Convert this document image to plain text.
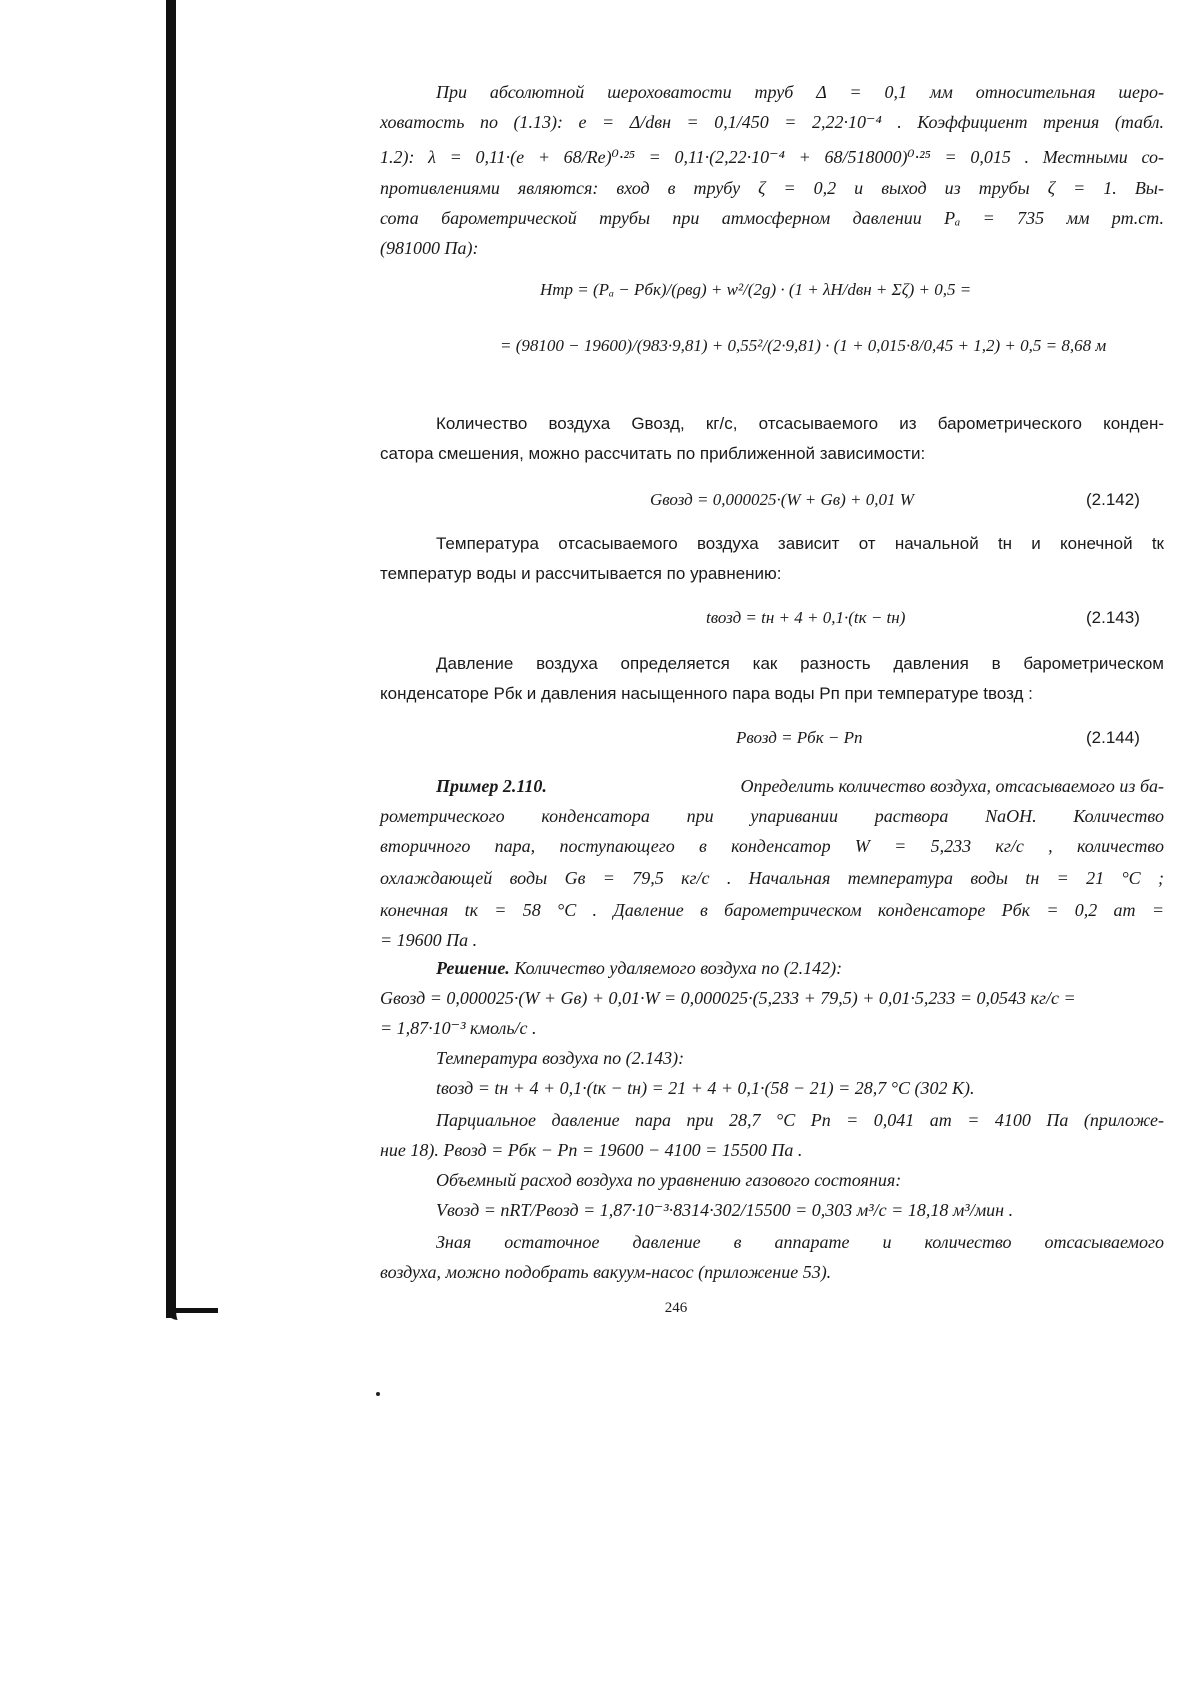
При абсолютной шероховатости труб Δ = 0,1 мм относительная шеро-
ховатость по (1.13): e = Δ/dвн = 0,1/450 = 2,22·10⁻⁴ . Коэффициент трения (табл.
1.2): λ = 0,11·(e + 68/Re)⁰·²⁵ = 0,11·(2,22·10⁻⁴ + 68/518000)⁰·²⁵ = 0,015 . Местными со-
противлениями являются: вход в трубу ζ = 0,2 и выход из трубы ζ = 1. Вы-
сота барометрической трубы при атмосферном давлении Pₐ = 735 мм рт.ст.
(981000 Па):
Hтр = (Pₐ − Pбк)/(ρвg) + w²/(2g) · (1 + λH/dвн + Σζ) + 0,5 =
= (98100 − 19600)/(983·9,81) + 0,55²/(2·9,81) · (1 + 0,015·8/0,45 + 1,2) + 0,5 = 8,68 м
Количество воздуха Gвозд, кг/с, отсасываемого из барометрического конден-
сатора смешения, можно рассчитать по приближенной зависимости:
Gвозд = 0,000025·(W + Gв) + 0,01 W	(2.142)
Температура отсасываемого воздуха зависит от начальной tн и конечной tк
температур воды и рассчитывается по уравнению:
tвозд = tн + 4 + 0,1·(tк − tн)	(2.143)
Давление воздуха определяется как разность давления в барометрическом
конденсаторе Pбк и давления насыщенного пара воды Pп при температуре tвозд :
Pвозд = Pбк − Pп	(2.144)
Пример 2.110.	Определить количество воздуха, отсасываемого из ба-
рометрического конденсатора при упаривании раствора NaOH. Количество
вторичного пара, поступающего в конденсатор W = 5,233 кг/с , количество
охлаждающей воды Gв = 79,5 кг/с . Начальная температура воды tн = 21 °C ;
конечная tк = 58 °C . Давление в барометрическом конденсаторе Pбк = 0,2 ат =
= 19600 Па .
Решение. Количество удаляемого воздуха по (2.142):
Gвозд = 0,000025·(W + Gв) + 0,01·W = 0,000025·(5,233 + 79,5) + 0,01·5,233 = 0,0543 кг/с =
= 1,87·10⁻³ кмоль/с .
Температура воздуха по (2.143):
tвозд = tн + 4 + 0,1·(tк − tн) = 21 + 4 + 0,1·(58 − 21) = 28,7 °C (302 K).
Парциальное давление пара при 28,7 °C Pп = 0,041 ат = 4100 Па (приложе-
ние 18). Pвозд = Pбк − Pп = 19600 − 4100 = 15500 Па .
Объемный расход воздуха по уравнению газового состояния:
Vвозд = nRT/Pвозд = 1,87·10⁻³·8314·302/15500 = 0,303 м³/с = 18,18 м³/мин .
Зная остаточное давление в аппарате и количество отсасываемого
воздуха, можно подобрать вакуум-насос (приложение 53).
246
